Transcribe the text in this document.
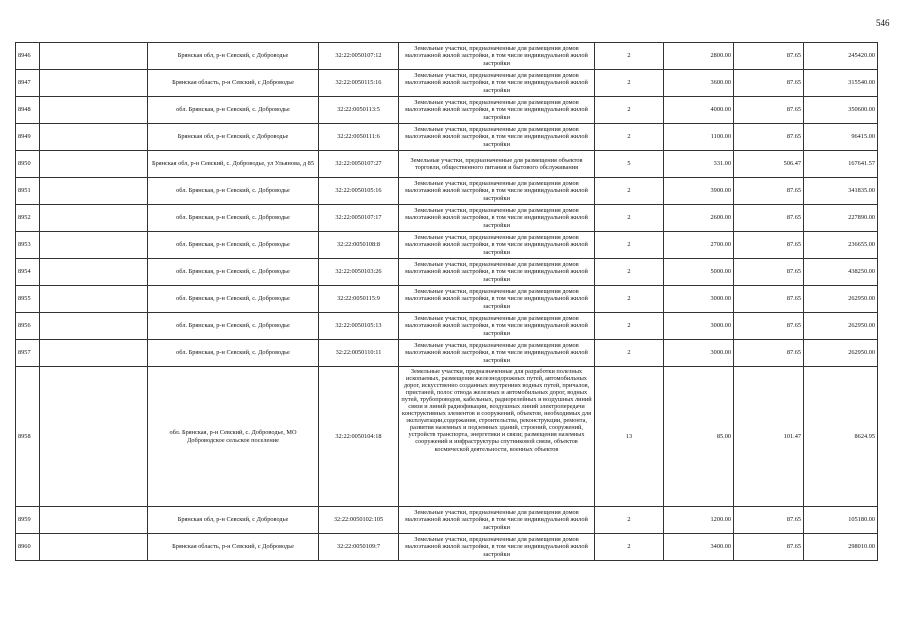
546
8946		Брянская обл, р-н Севский, с Доброводье	32:22:0050107:12	Земельные участки, предназначенные для размещения домов малоэтажной жилой застройки, в том числе индивидуальной жилой застройки	2	2800.00	87.65	245420.00
8947		Брянская область, р-н Севский, с Доброводье	32:22:0050115:16	Земельные участки, предназначенные для размещения домов малоэтажной жилой застройки, в том числе индивидуальной жилой застройки	2	3600.00	87.65	315540.00
8948		обл. Брянская, р-н Севский, с. Доброводье	32:22:0050113:5	Земельные участки, предназначенные для размещения домов малоэтажной жилой застройки, в том числе индивидуальной жилой застройки	2	4000.00	87.65	350600.00
8949		Брянская обл, р-н Севский, с Доброводье	32:22:0050111:6	Земельные участки, предназначенные для размещения домов малоэтажной жилой застройки, в том числе индивидуальной жилой застройки	2	1100.00	87.65	96415.00
8950		Брянская обл, р-н Севский, с. Доброводье, ул Ульянова, д 85	32:22:0050107:27	Земельные участки, предназначенные для размещения объектов торговли, общественного питания и бытового обслуживания	5	331.00	506.47	167641.57
8951		обл. Брянская, р-н Севский, с. Доброводье	32:22:0050105:16	Земельные участки, предназначенные для размещения домов малоэтажной жилой застройки, в том числе индивидуальной жилой застройки	2	3900.00	87.65	341835.00
8952		обл. Брянская, р-н Севский, с. Доброводье	32:22:0050107:17	Земельные участки, предназначенные для размещения домов малоэтажной жилой застройки, в том числе индивидуальной жилой застройки	2	2600.00	87.65	227890.00
8953		обл. Брянская, р-н Севский, с. Доброводье	32:22:0050108:8	Земельные участки, предназначенные для размещения домов малоэтажной жилой застройки, в том числе индивидуальной жилой застройки	2	2700.00	87.65	236655.00
8954		обл. Брянская, р-н Севский, с. Доброводье	32:22:0050103:26	Земельные участки, предназначенные для размещения домов малоэтажной жилой застройки, в том числе индивидуальной жилой застройки	2	5000.00	87.65	438250.00
8955		обл. Брянская, р-н Севский, с. Доброводье	32:22:0050115:9	Земельные участки, предназначенные для размещения домов малоэтажной жилой застройки, в том числе индивидуальной жилой застройки	2	3000.00	87.65	262950.00
8956		обл. Брянская, р-н Севский, с. Доброводье	32:22:0050105:13	Земельные участки, предназначенные для размещения домов малоэтажной жилой застройки, в том числе индивидуальной жилой застройки	2	3000.00	87.65	262950.00
8957		обл. Брянская, р-н Севский, с. Доброводье	32:22:0050110:11	Земельные участки, предназначенные для размещения домов малоэтажной жилой застройки, в том числе индивидуальной жилой застройки	2	3000.00	87.65	262950.00
8958		обл. Брянская, р-н Севский, с. Доброводье, МО Доброводское сельское поселение	32:22:0050104:18	Земельные участки, предназначенные для разработки полезных ископаемых, размещения железнодорожных путей, автомобильных дорог, искусственно созданных внутренних водных путей, причалов, пристаней, полос отвода железных и автомобильных дорог, водных путей, трубопроводов, кабельных, радиорелейных и воздушных линий связи и линий радиофикации, воздушных линий электропередачи конструктивных элементов и сооружений, объектов, необходимых для эксплуатации,содержания, строительства, реконструкции, ремонта, развития наземных и подземных зданий, строений, сооружений, устройств транспорта, энергетики и связи; размещения наземных сооружений и инфраструктуры спутниковой связи, объектов космической деятельности, военных объектов	13	85.00	101.47	8624.95
8959		Брянская обл, р-н Севский, с Доброводье	32:22:0050102:105	Земельные участки, предназначенные для размещения домов малоэтажной жилой застройки, в том числе индивидуальной жилой застройки	2	1200.00	87.65	105180.00
8960		Брянская область, р-н Севский, с Доброводье	32:22:0050109:7	Земельные участки, предназначенные для размещения домов малоэтажной жилой застройки, в том числе индивидуальной жилой застройки	2	3400.00	87.65	298010.00
